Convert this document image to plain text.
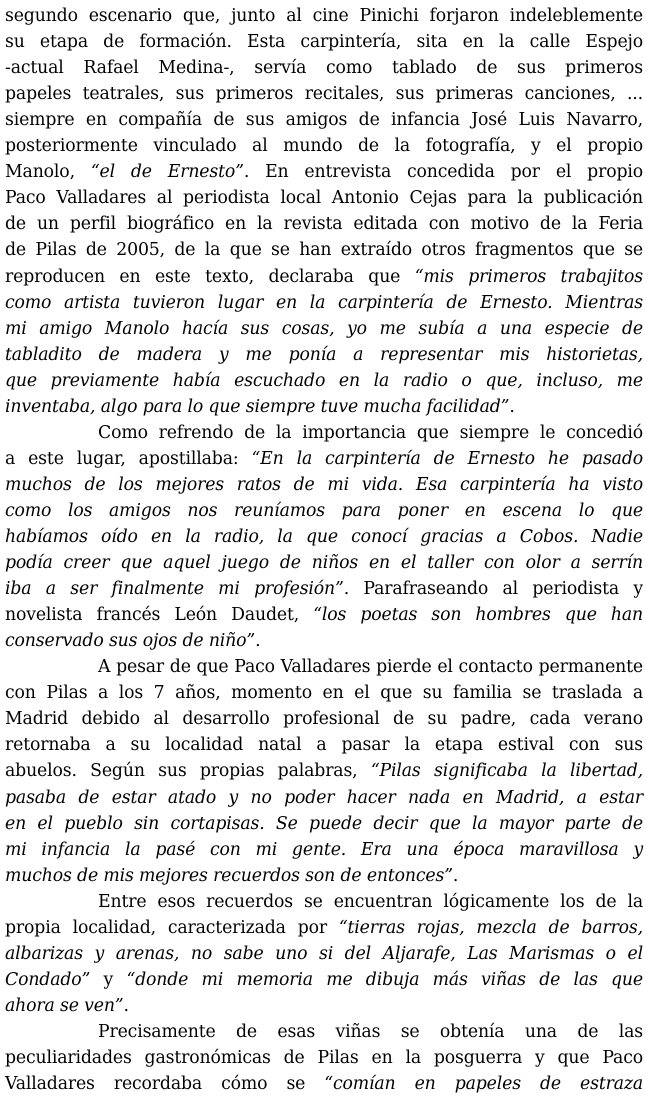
segundo escenario que, junto al cine Pinichi forjaron indeleblemente
su etapa de formación. Esta carpintería, sita en la calle Espejo
-actual Rafael Medina-, servía como tablado de sus primeros
papeles teatrales, sus primeros recitales, sus primeras canciones, ...
siempre en compañía de sus amigos de infancia José Luis Navarro,
posteriormente vinculado al mundo de la fotografía, y el propio
Manolo, “el de Ernesto”. En entrevista concedida por el propio
Paco Valladares al periodista local Antonio Cejas para la publicación
de un perfil biográfico en la revista editada con motivo de la Feria
de Pilas de 2005, de la que se han extraído otros fragmentos que se
reproducen en este texto, declaraba que “mis primeros trabajitos
como artista tuvieron lugar en la carpintería de Ernesto. Mientras
mi amigo Manolo hacía sus cosas, yo me subía a una especie de
tabladito de madera y me ponía a representar mis historietas,
que previamente había escuchado en la radio o que, incluso, me
inventaba, algo para lo que siempre tuve mucha facilidad”.
Como refrendo de la importancia que siempre le concedió
a este lugar, apostillaba: “En la carpintería de Ernesto he pasado
muchos de los mejores ratos de mi vida. Esa carpintería ha visto
como los amigos nos reuníamos para poner en escena lo que
habíamos oído en la radio, la que conocí gracias a Cobos. Nadie
podía creer que aquel juego de niños en el taller con olor a serrín
iba a ser finalmente mi profesión”. Parafraseando al periodista y
novelista francés León Daudet, “los poetas son hombres que han
conservado sus ojos de niño”.
A pesar de que Paco Valladares pierde el contacto permanente
con Pilas a los 7 años, momento en el que su familia se traslada a
Madrid debido al desarrollo profesional de su padre, cada verano
retornaba a su localidad natal a pasar la etapa estival con sus
abuelos. Según sus propias palabras, “Pilas significaba la libertad,
pasaba de estar atado y no poder hacer nada en Madrid, a estar
en el pueblo sin cortapisas. Se puede decir que la mayor parte de
mi infancia la pasé con mi gente. Era una época maravillosa y
muchos de mis mejores recuerdos son de entonces”.
Entre esos recuerdos se encuentran lógicamente los de la
propia localidad, caracterizada por “tierras rojas, mezcla de barros,
albarizas y arenas, no sabe uno si del Aljarafe, Las Marismas o el
Condado” y “donde mi memoria me dibuja más viñas de las que
ahora se ven”.
Precisamente de esas viñas se obtenía una de las
peculiaridades gastronómicas de Pilas en la posguerra y que Paco
Valladares recordaba cómo se “comían en papeles de estraza
